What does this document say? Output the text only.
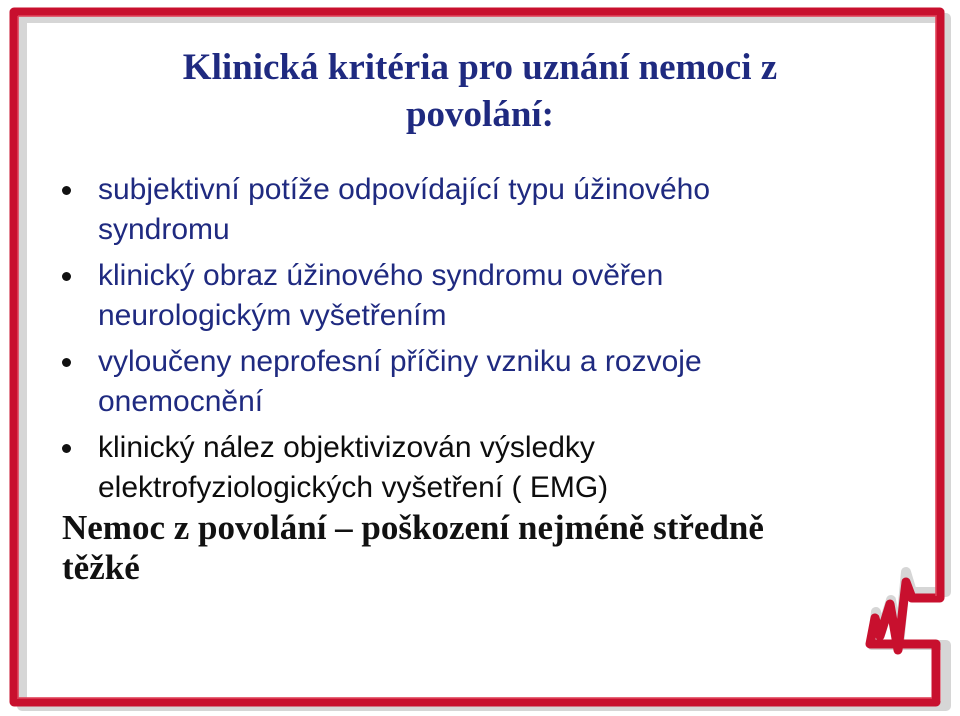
Klinická kritéria pro uznání nemoci z
povolání:
subjektivní potíže odpovídající typu úžinového
syndromu
klinický obraz úžinového syndromu ověřen
neurologickým vyšetřením
vyloučeny neprofesní příčiny vzniku a rozvoje
onemocnění
klinický nález objektivizován výsledky
elektrofyziologických vyšetření ( EMG)
Nemoc z povolání – poškození nejméně středně
těžké
